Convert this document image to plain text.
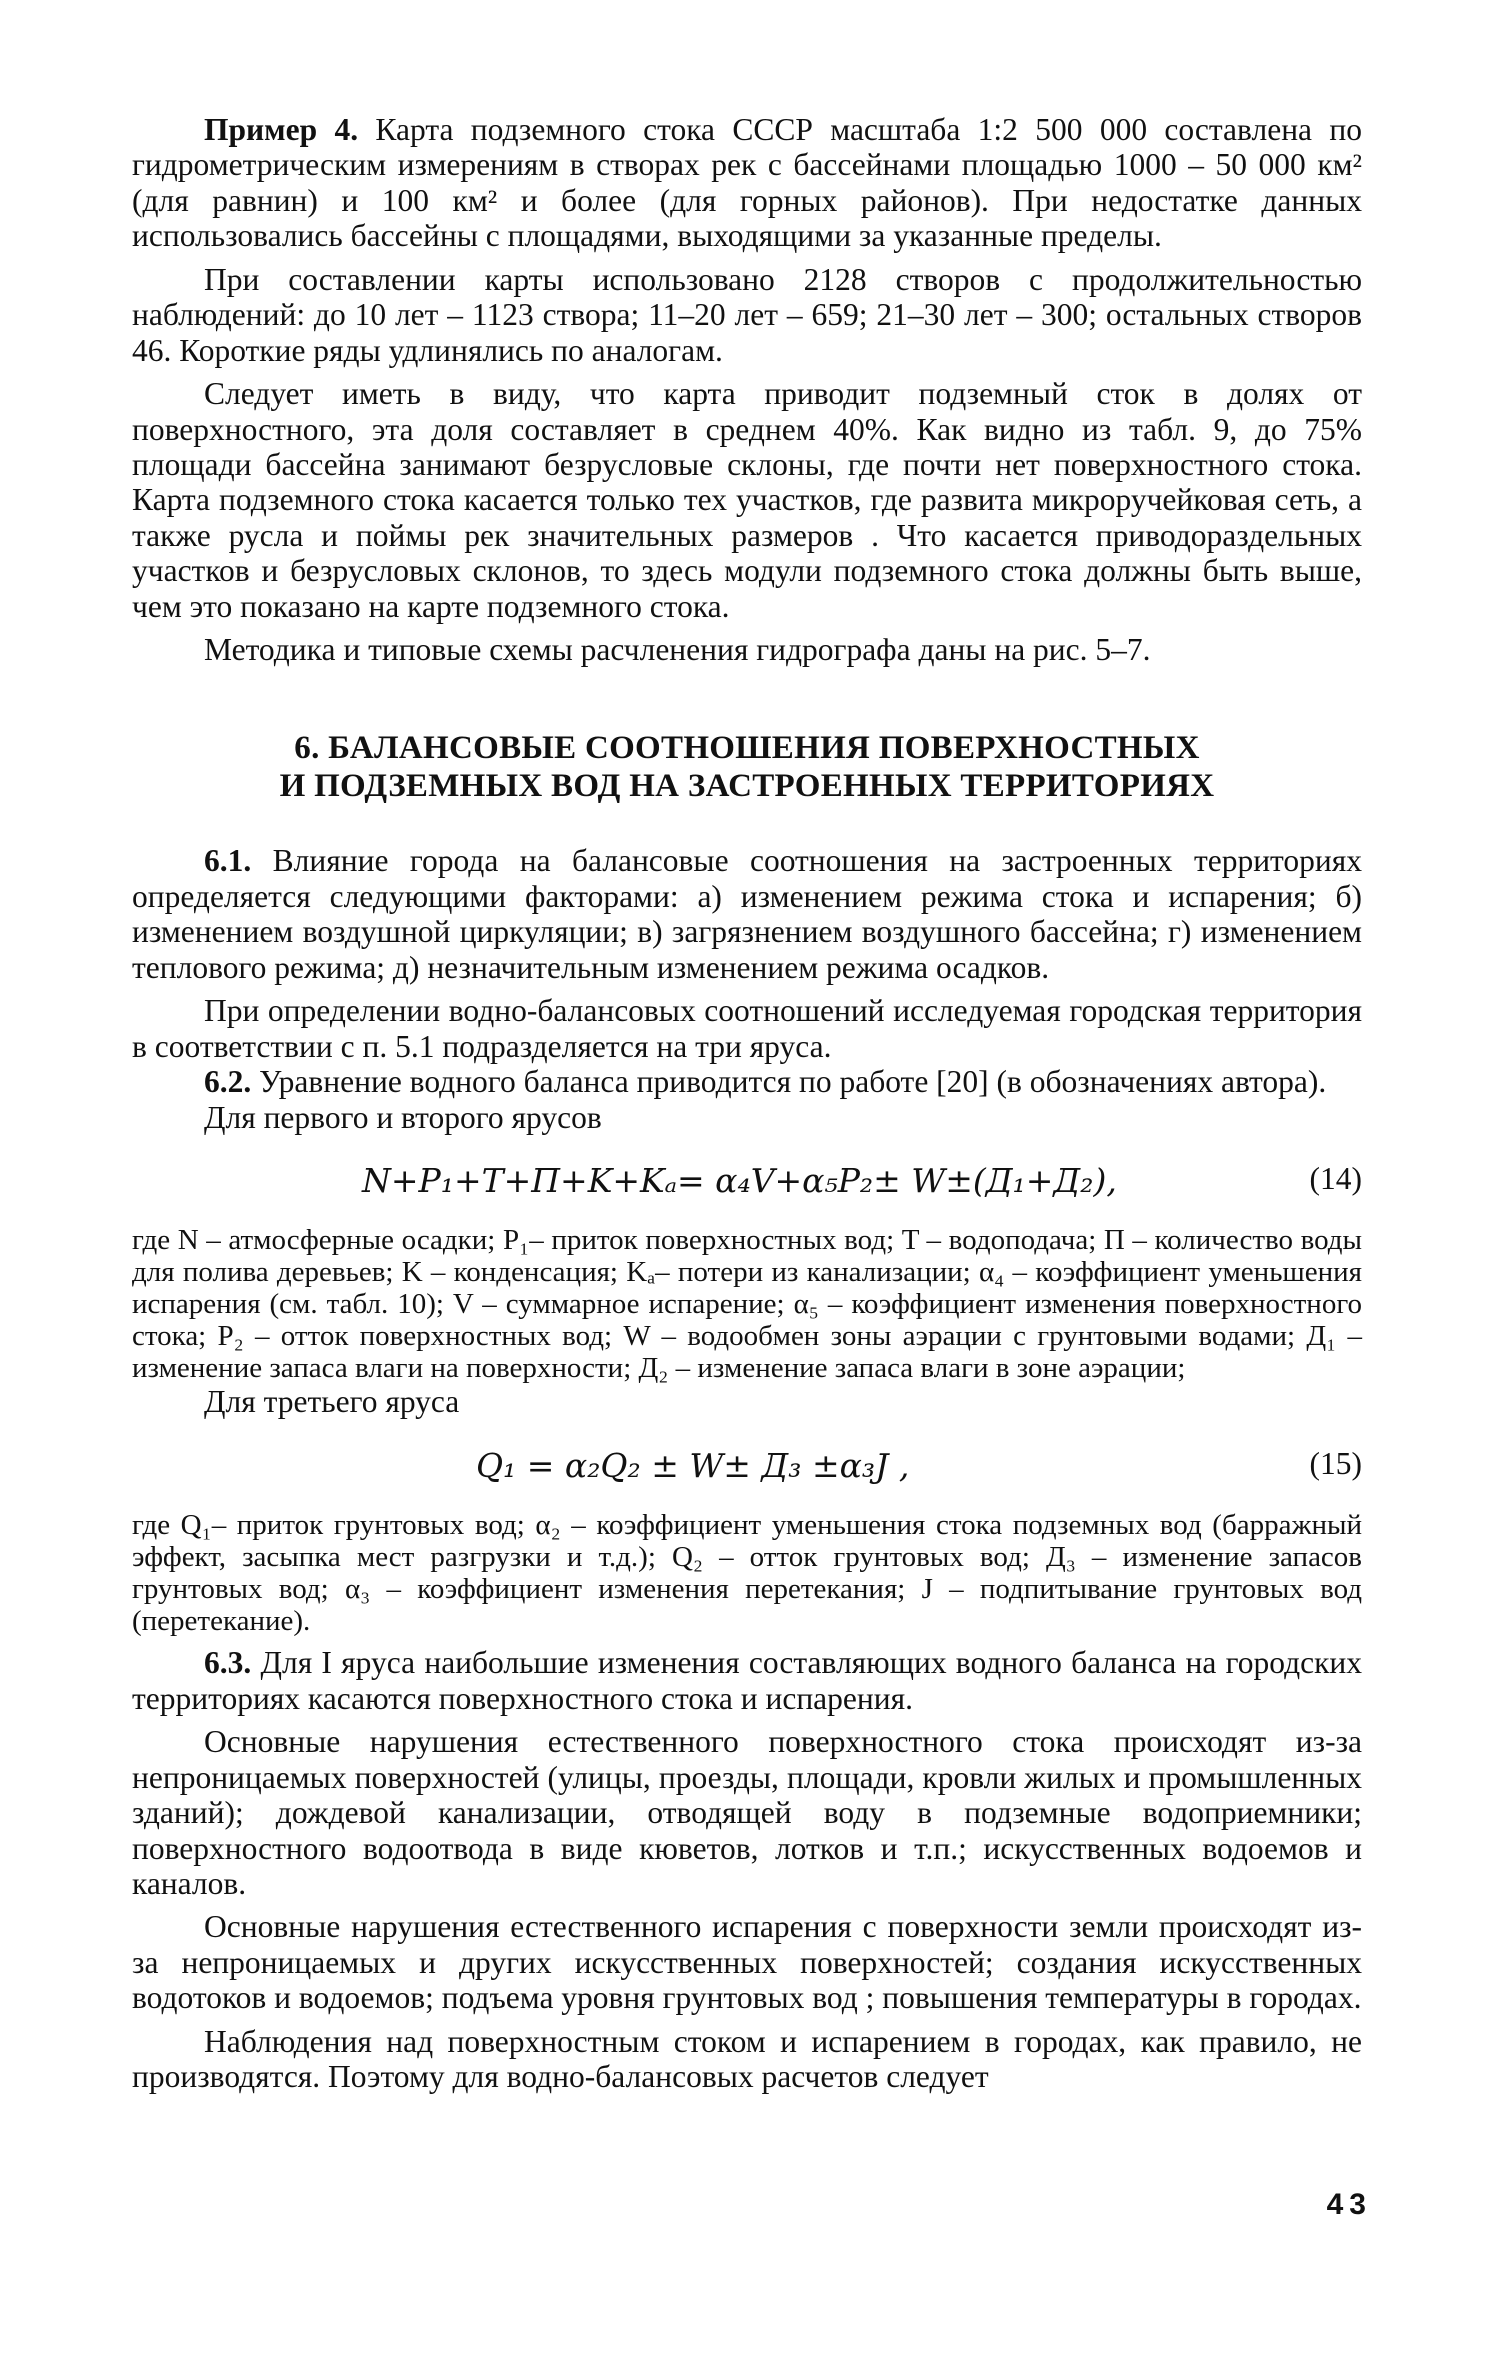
Пример 4. Карта подземного стока СССР масштаба 1:2 500 000 составлена по гидрометрическим измерениям в створах рек с бассейнами площадью 1000 – 50 000 км² (для равнин) и 100 км² и более (для горных районов). При недостатке данных использовались бассейны с площадями, выходящими за указанные пределы.

При составлении карты использовано 2128 створов с продолжительностью наблюдений: до 10 лет – 1123 створа; 11–20 лет – 659; 21–30 лет – 300; остальных створов 46. Короткие ряды удлинялись по аналогам.

Следует иметь в виду, что карта приводит подземный сток в долях от поверхностного, эта доля составляет в среднем 40%. Как видно из табл. 9, до 75% площади бассейна занимают безрусловые склоны, где почти нет поверхностного стока. Карта подземного стока касается только тех участков, где развита микроручейковая сеть, а также русла и поймы рек значительных размеров . Что касается приводораздельных участков и безрусловых склонов, то здесь модули подземного стока должны быть выше, чем это показано на карте подземного стока.

Методика и типовые схемы расчленения гидрографа даны на рис. 5–7.

6. БАЛАНСОВЫЕ СООТНОШЕНИЯ ПОВЕРХНОСТНЫХ
И ПОДЗЕМНЫХ ВОД НА ЗАСТРОЕННЫХ ТЕРРИТОРИЯХ

6.1. Влияние города на балансовые соотношения на застроенных территориях определяется следующими факторами: а) изменением режима стока и испарения; б) изменением воздушной циркуляции; в) загрязнением воздушного бассейна; г) изменением теплового режима; д) незначительным изменением режима осадков.

При определении водно-балансовых соотношений исследуемая городская территория в соответствии с п. 5.1 подразделяется на три яруса.

6.2. Уравнение водного баланса приводится по работе [20] (в обозначениях автора).

Для первого и второго ярусов

N+P₁+T+П+K+Kₐ= α₄V+α₅P₂± W±(Д₁+Д₂),	(14)

где N – атмосферные осадки; P₁– приток поверхностных вод; T – водоподача; П – количество воды для полива деревьев; K – конденсация; Kₐ– потери из канализации; α₄ – коэффициент уменьшения испарения (см. табл. 10); V – суммарное испарение; α₅ – коэффициент изменения поверхностного стока; P₂ – отток поверхностных вод; W – водообмен зоны аэрации с грунтовыми водами; Д₁ – изменение запаса влаги на поверхности; Д₂ – изменение запаса влаги в зоне аэрации;

Для третьего яруса

Q₁ = α₂Q₂ ± W± Д₃ ±α₃J ,	(15)

где Q₁– приток грунтовых вод; α₂ – коэффициент уменьшения стока подземных вод (барражный эффект, засыпка мест разгрузки и т.д.); Q₂ – отток грунтовых вод; Д₃ – изменение запасов грунтовых вод; α₃ – коэффициент изменения перетекания; J – подпитывание грунтовых вод (перетекание).

6.3. Для I яруса наибольшие изменения составляющих водного баланса на городских территориях касаются поверхностного стока и испарения.

Основные нарушения естественного поверхностного стока происходят из-за непроницаемых поверхностей (улицы, проезды, площади, кровли жилых и промышленных зданий); дождевой канализации, отводящей воду в подземные водоприемники; поверхностного водоотвода в виде кюветов, лотков и т.п.; искусственных водоемов и каналов.

Основные нарушения естественного испарения с поверхности земли происходят из-за непроницаемых и других искусственных поверхностей; создания искусственных водотоков и водоемов; подъема уровня грунтовых вод ; повышения температуры в городах.

Наблюдения над поверхностным стоком и испарением в городах, как правило, не производятся. Поэтому для водно-балансовых расчетов следует

43
